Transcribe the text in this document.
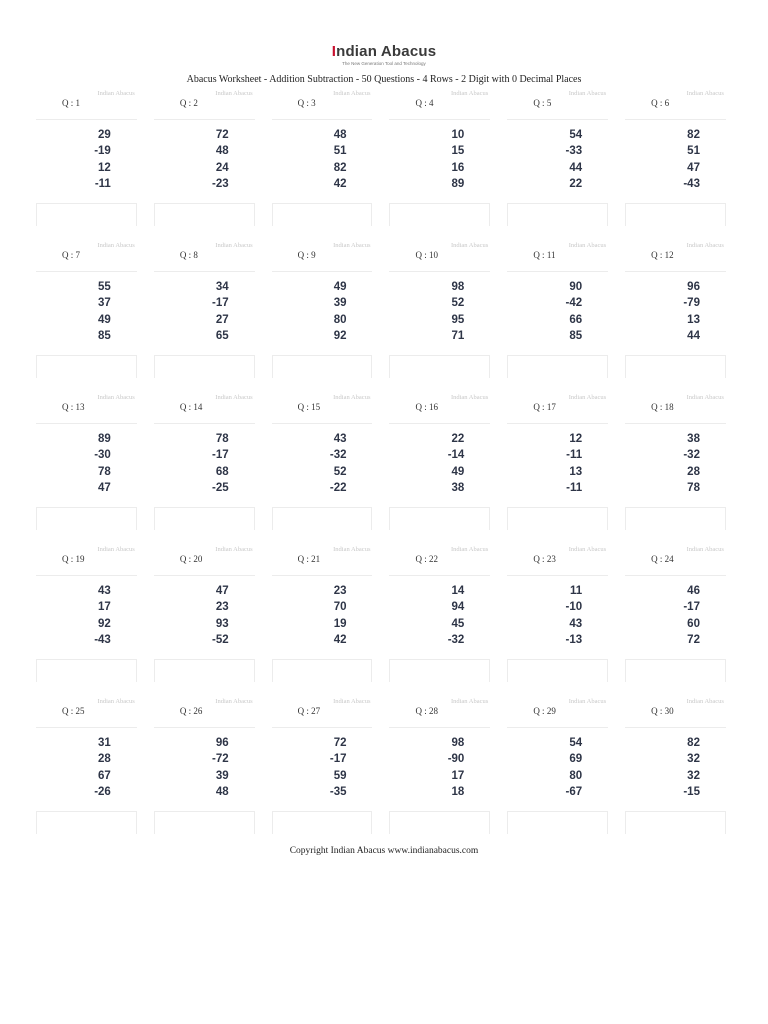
Indian Abacus
The New Generation Tool and Technology
Abacus Worksheet - Addition Subtraction - 50 Questions - 4 Rows - 2 Digit with 0 Decimal Places
Indian Abacus
Q : 1
29
-19
12
-11
Indian Abacus
Q : 2
72
48
24
-23
Indian Abacus
Q : 3
48
51
82
42
Indian Abacus
Q : 4
10
15
16
89
Indian Abacus
Q : 5
54
-33
44
22
Indian Abacus
Q : 6
82
51
47
-43
Indian Abacus
Q : 7
55
37
49
85
Indian Abacus
Q : 8
34
-17
27
65
Indian Abacus
Q : 9
49
39
80
92
Indian Abacus
Q : 10
98
52
95
71
Indian Abacus
Q : 11
90
-42
66
85
Indian Abacus
Q : 12
96
-79
13
44
Indian Abacus
Q : 13
89
-30
78
47
Indian Abacus
Q : 14
78
-17
68
-25
Indian Abacus
Q : 15
43
-32
52
-22
Indian Abacus
Q : 16
22
-14
49
38
Indian Abacus
Q : 17
12
-11
13
-11
Indian Abacus
Q : 18
38
-32
28
78
Indian Abacus
Q : 19
43
17
92
-43
Indian Abacus
Q : 20
47
23
93
-52
Indian Abacus
Q : 21
23
70
19
42
Indian Abacus
Q : 22
14
94
45
-32
Indian Abacus
Q : 23
11
-10
43
-13
Indian Abacus
Q : 24
46
-17
60
72
Indian Abacus
Q : 25
31
28
67
-26
Indian Abacus
Q : 26
96
-72
39
48
Indian Abacus
Q : 27
72
-17
59
-35
Indian Abacus
Q : 28
98
-90
17
18
Indian Abacus
Q : 29
54
69
80
-67
Indian Abacus
Q : 30
82
32
32
-15
Copyright Indian Abacus www.indianabacus.com
